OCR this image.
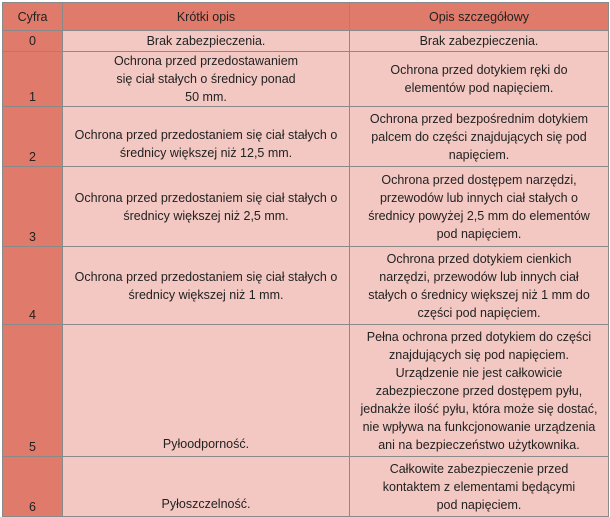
Cyfra	Krótki opis	Opis szczegółowy
0	Brak zabezpieczenia.	Brak zabezpieczenia.
1	Ochrona przed przedostawaniem się ciał stałych o średnicy ponad 50 mm.	Ochrona przed dotykiem ręki do elementów pod napięciem.
2	Ochrona przed przedostaniem się ciał stałych o średnicy większej niż 12,5 mm.	Ochrona przed bezpośrednim dotykiem palcem do części znajdujących się pod napięciem.
3	Ochrona przed przedostaniem się ciał stałych o średnicy większej niż 2,5 mm.	Ochrona przed dostępem narzędzi, przewodów lub innych ciał stałych o średnicy powyżej 2,5 mm do elementów pod napięciem.
4	Ochrona przed przedostaniem się ciał stałych o średnicy większej niż 1 mm.	Ochrona przed dotykiem cienkich narzędzi, przewodów lub innych ciał stałych o średnicy większej niż 1 mm do części pod napięciem.
5	Pyłoodporność.	Pełna ochrona przed dotykiem do części znajdujących się pod napięciem. Urządzenie nie jest całkowicie zabezpieczone przed dostępem pyłu, jednakże ilość pyłu, która może się dostać, nie wpływa na funkcjonowanie urządzenia ani na bezpieczeństwo użytkownika.
6	Pyłoszczelność.	Całkowite zabezpieczenie przed kontaktem z elementami będącymi pod napięciem.
